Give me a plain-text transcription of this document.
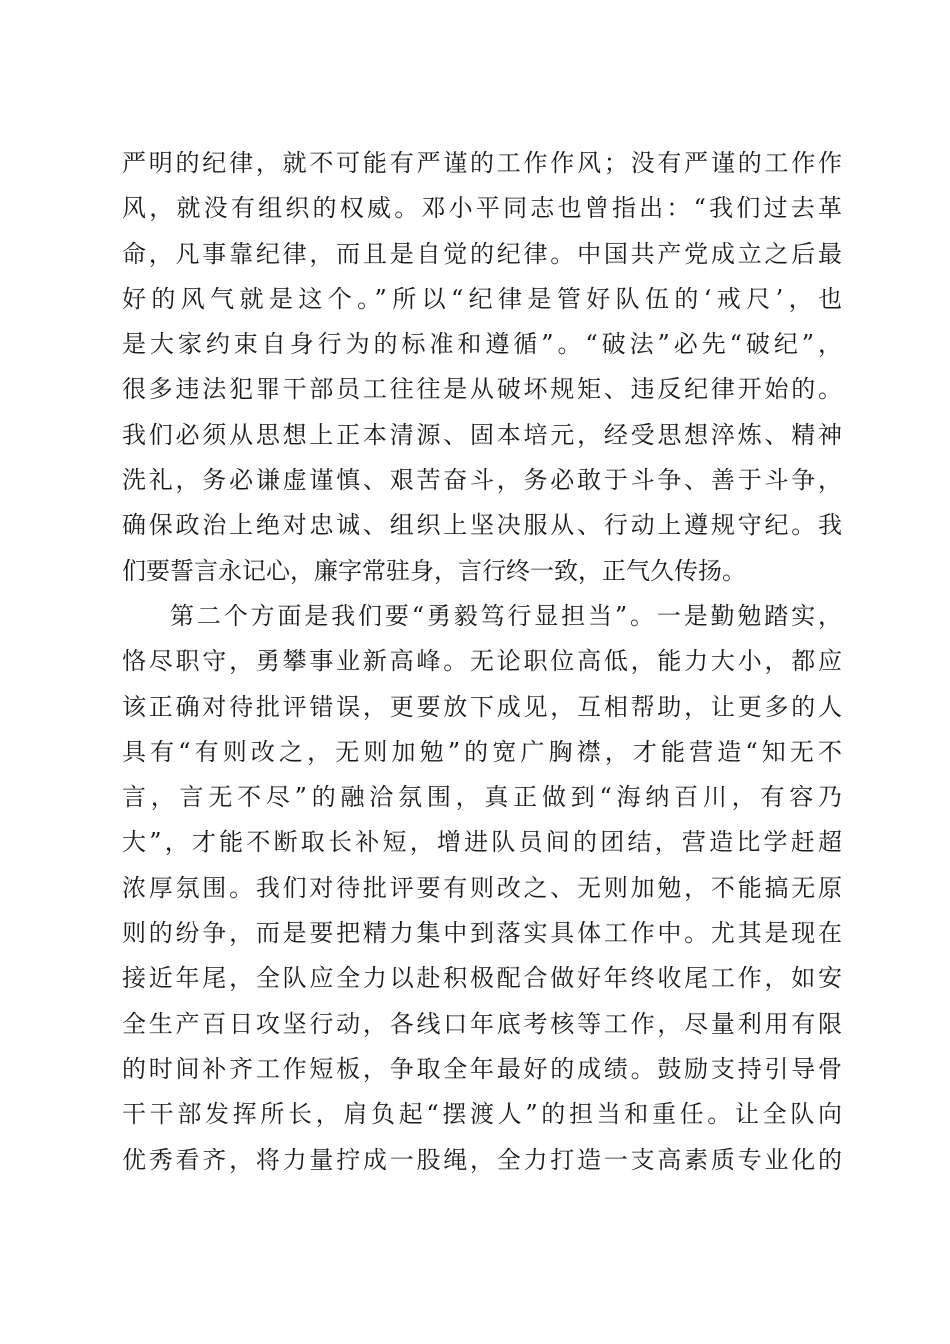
严明的纪律，就不可能有严谨的工作作风；没有严谨的工作作
风，就没有组织的权威。邓小平同志也曾指出：“我们过去革
命，凡事靠纪律，而且是自觉的纪律。中国共产党成立之后最
好的风气就是这个。”所以“纪律是管好队伍的‘戒尺’，也
是大家约束自身行为的标准和遵循”。“破法”必先“破纪”，
很多违法犯罪干部员工往往是从破坏规矩、违反纪律开始的。
我们必须从思想上正本清源、固本培元，经受思想淬炼、精神
洗礼，务必谦虚谨慎、艰苦奋斗，务必敢于斗争、善于斗争，
确保政治上绝对忠诚、组织上坚决服从、行动上遵规守纪。我
们要誓言永记心，廉字常驻身，言行终一致，正气久传扬。
第二个方面是我们要“勇毅笃行显担当”。一是勤勉踏实，
恪尽职守，勇攀事业新高峰。无论职位高低，能力大小，都应
该正确对待批评错误，更要放下成见，互相帮助，让更多的人
具有“有则改之，无则加勉”的宽广胸襟，才能营造“知无不
言，言无不尽”的融洽氛围，真正做到“海纳百川，有容乃
大”，才能不断取长补短，增进队员间的团结，营造比学赶超
浓厚氛围。我们对待批评要有则改之、无则加勉，不能搞无原
则的纷争，而是要把精力集中到落实具体工作中。尤其是现在
接近年尾，全队应全力以赴积极配合做好年终收尾工作，如安
全生产百日攻坚行动，各线口年底考核等工作，尽量利用有限
的时间补齐工作短板，争取全年最好的成绩。鼓励支持引导骨
干干部发挥所长，肩负起“摆渡人”的担当和重任。让全队向
优秀看齐，将力量拧成一股绳，全力打造一支高素质专业化的
